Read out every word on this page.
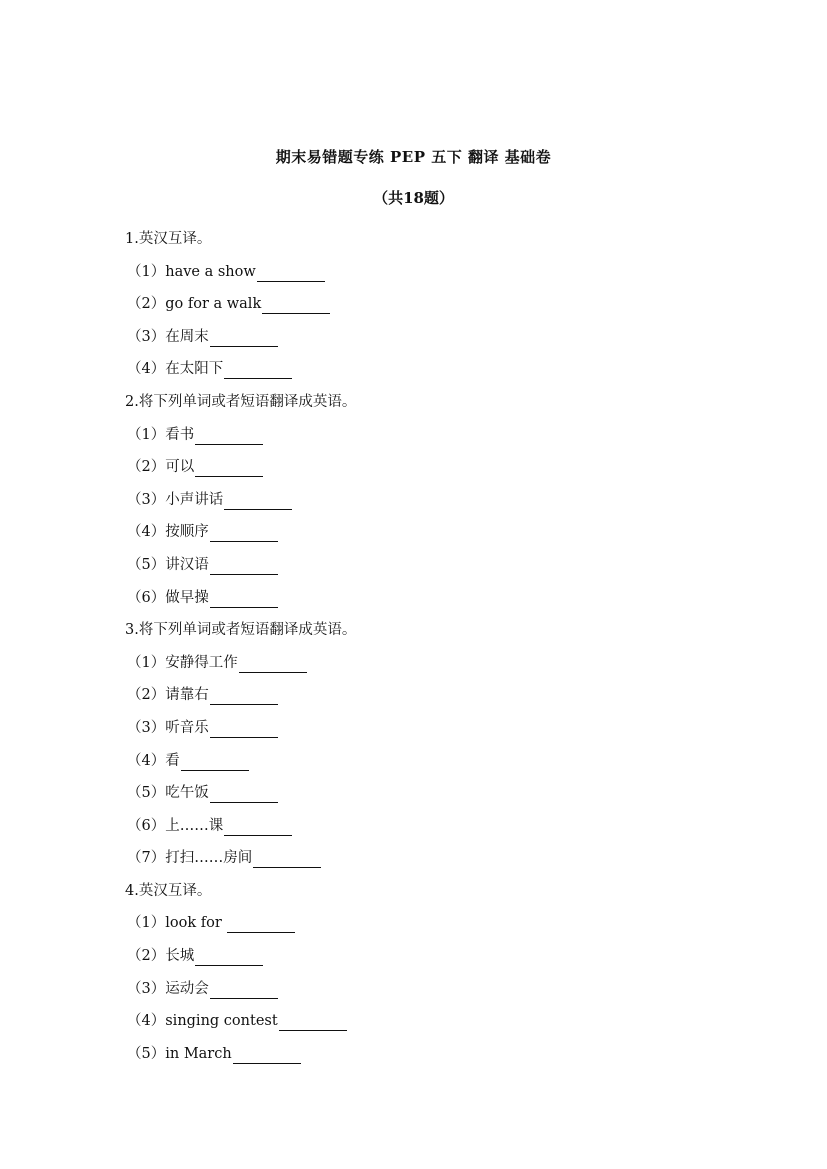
期末易错题专练 PEP 五下 翻译 基础卷
（共18题）
1.英汉互译。
（1）have a show
（2）go for a walk
（3）在周末
（4）在太阳下
2.将下列单词或者短语翻译成英语。
（1）看书
（2）可以
（3）小声讲话
（4）按顺序
（5）讲汉语
（6）做早操
3.将下列单词或者短语翻译成英语。
（1）安静得工作
（2）请靠右
（3）听音乐
（4）看
（5）吃午饭
（6）上……课
（7）打扫……房间
4.英汉互译。
（1）look for
（2）长城
（3）运动会
（4）singing contest
（5）in March
